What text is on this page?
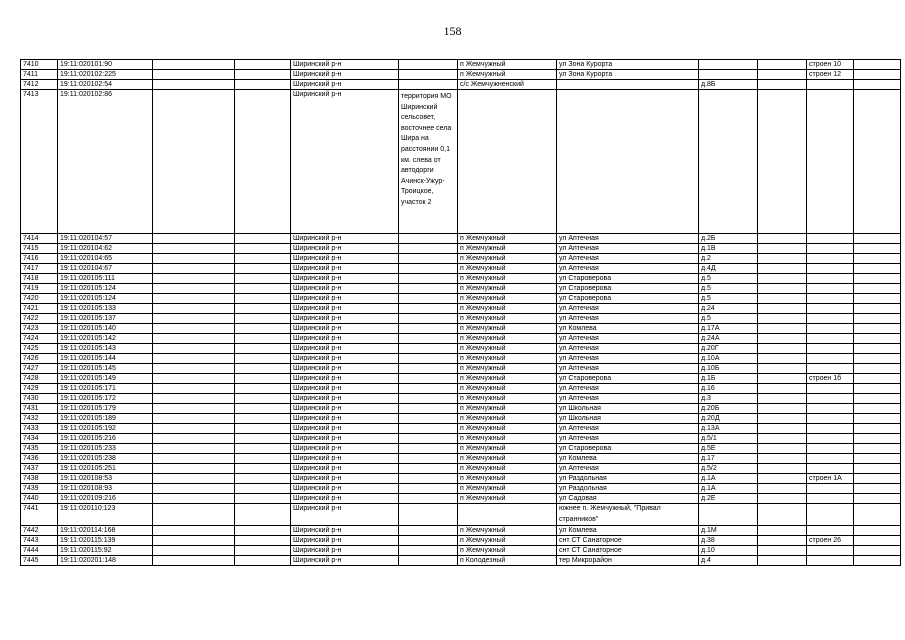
158
7410	19:11:020101:90			Ширинский р-н		п Жемчужный	ул Зона Курорта			строен 10	
7411	19:11:020102:225			Ширинский р-н		п Жемчужный	ул Зона Курорта			строен 12	
7412	19:11:020102:54			Ширинский р-н		с/с Жемчужненский		д.8Б			
7413	19:11:020102:86			Ширинский р-н	территория МО Ширинский сельсовет, восточнее села Шира на расстоянии 0,1 км. слева от автодорги Ачинск-Ужур-Троицкое, участок 2						
7414	19:11:020104:57			Ширинский р-н		п Жемчужный	ул Аптечная	д.2Б			
7415	19:11:020104:62			Ширинский р-н		п Жемчужный	ул Аптечная	д.1В			
7416	19:11:020104:65			Ширинский р-н		п Жемчужный	ул Аптечная	д.2			
7417	19:11:020104:67			Ширинский р-н		п Жемчужный	ул Аптечная	д.4Д			
7418	19:11:020105:111			Ширинский р-н		п Жемчужный	ул Староверова	д.5			
7419	19:11:020105:124			Ширинский р-н		п Жемчужный	ул Староверова	д.5			
7420	19:11:020105:124			Ширинский р-н		п Жемчужный	ул Староверова	д.5			
7421	19:11:020105:133			Ширинский р-н		п Жемчужный	ул Аптечная	д.24			
7422	19:11:020105:137			Ширинский р-н		п Жемчужный	ул Аптечная	д.5			
7423	19:11:020105:140			Ширинский р-н		п Жемчужный	ул Комлева	д.17А			
7424	19:11:020105:142			Ширинский р-н		п Жемчужный	ул Аптечная	д.24А			
7425	19:11:020105:143			Ширинский р-н		п Жемчужный	ул Аптечная	д.20Г			
7426	19:11:020105:144			Ширинский р-н		п Жемчужный	ул Аптечная	д.10А			
7427	19:11:020105:145			Ширинский р-н		п Жемчужный	ул Аптечная	д.10Б			
7428	19:11:020105:149			Ширинский р-н		п Жемчужный	ул Староверова	д.1Б		строен 1б	
7429	19:11:020105:171			Ширинский р-н		п Жемчужный	ул Аптечная	д.16			
7430	19:11:020105:172			Ширинский р-н		п Жемчужный	ул Аптечная	д.3			
7431	19:11:020105:179			Ширинский р-н		п Жемчужный	ул Школьная	д.20Б			
7432	19:11:020105:189			Ширинский р-н		п Жемчужный	ул Школьная	д.20Д			
7433	19:11:020105:192			Ширинский р-н		п Жемчужный	ул Аптечная	д.13А			
7434	19:11:020105:216			Ширинский р-н		п Жемчужный	ул Аптечная	д.5/1			
7435	19:11:020105:233			Ширинский р-н		п Жемчужный	ул Староверова	д.5Е			
7436	19:11:020105:238			Ширинский р-н		п Жемчужный	ул Комлева	д.17			
7437	19:11:020105:251			Ширинский р-н		п Жемчужный	ул Аптечная	д.5/2			
7438	19:11:020108:53			Ширинский р-н		п Жемчужный	ул Раздольная	д.1А		строен 1А	
7439	19:11:020108:93			Ширинский р-н		п Жемчужный	ул Раздольная	д.1А			
7440	19:11:020109:216			Ширинский р-н		п Жемчужный	ул Садовая	д.2Е			
7441	19:11:020110:123			Ширинский р-н			южнее п. Жемчужный, "Привал странников"				
7442	19:11:020114:168			Ширинский р-н		п Жемчужный	ул Комлева	д.1М			
7443	19:11:020115:139			Ширинский р-н		п Жемчужный	снт СТ Санаторное	д.38		строен 26	
7444	19:11:020115:92			Ширинский р-н		п Жемчужный	снт СТ Санаторное	д.10			
7445	19:11:020201:148			Ширинский р-н		п Колодезный	тер Микрорайон	д.4			
